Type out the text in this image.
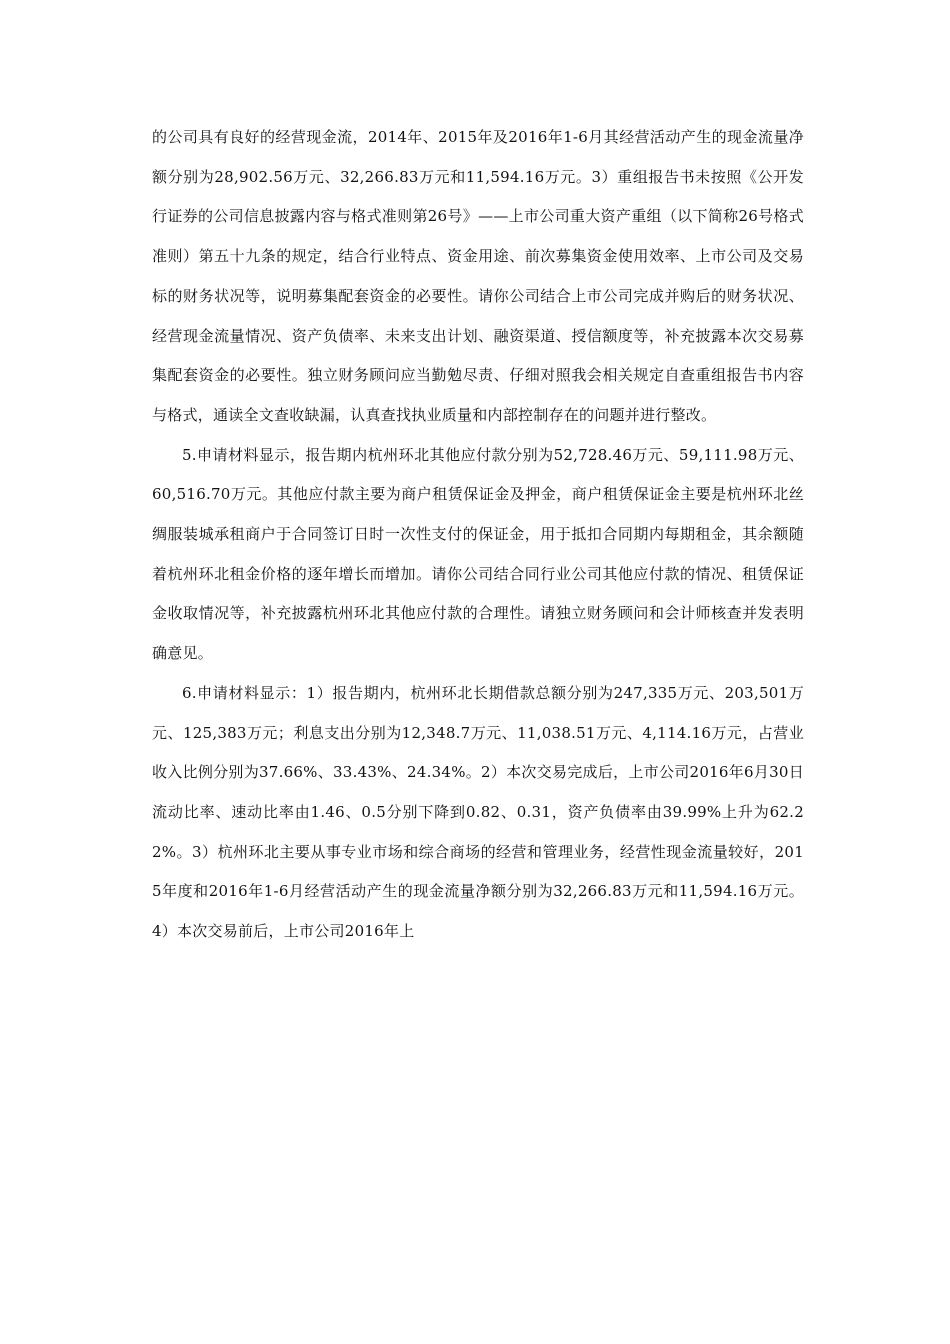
的公司具有良好的经营现金流，2014年、2015年及2016年1-6月其经营活动产生的现金流量净额分别为28,902.56万元、32,266.83万元和11,594.16万元。3）重组报告书未按照《公开发行证券的公司信息披露内容与格式准则第26号》——上市公司重大资产重组（以下简称26号格式准则）第五十九条的规定，结合行业特点、资金用途、前次募集资金使用效率、上市公司及交易标的财务状况等，说明募集配套资金的必要性。请你公司结合上市公司完成并购后的财务状况、经营现金流量情况、资产负债率、未来支出计划、融资渠道、授信额度等，补充披露本次交易募集配套资金的必要性。独立财务顾问应当勤勉尽责、仔细对照我会相关规定自查重组报告书内容与格式，通读全文查收缺漏，认真查找执业质量和内部控制存在的问题并进行整改。

5.申请材料显示，报告期内杭州环北其他应付款分别为52,728.46万元、59,111.98万元、60,516.70万元。其他应付款主要为商户租赁保证金及押金，商户租赁保证金主要是杭州环北丝绸服装城承租商户于合同签订日时一次性支付的保证金，用于抵扣合同期内每期租金，其余额随着杭州环北租金价格的逐年增长而增加。请你公司结合同行业公司其他应付款的情况、租赁保证金收取情况等，补充披露杭州环北其他应付款的合理性。请独立财务顾问和会计师核查并发表明确意见。

6.申请材料显示：1）报告期内，杭州环北长期借款总额分别为247,335万元、203,501万元、125,383万元；利息支出分别为12,348.7万元、11,038.51万元、4,114.16万元，占营业收入比例分别为37.66%、33.43%、24.34%。2）本次交易完成后，上市公司2016年6月30日流动比率、速动比率由1.46、0.5分别下降到0.82、0.31，资产负债率由39.99%上升为62.22%。3）杭州环北主要从事专业市场和综合商场的经营和管理业务，经营性现金流量较好，2015年度和2016年1-6月经营活动产生的现金流量净额分别为32,266.83万元和11,594.16万元。4）本次交易前后，上市公司2016年上
